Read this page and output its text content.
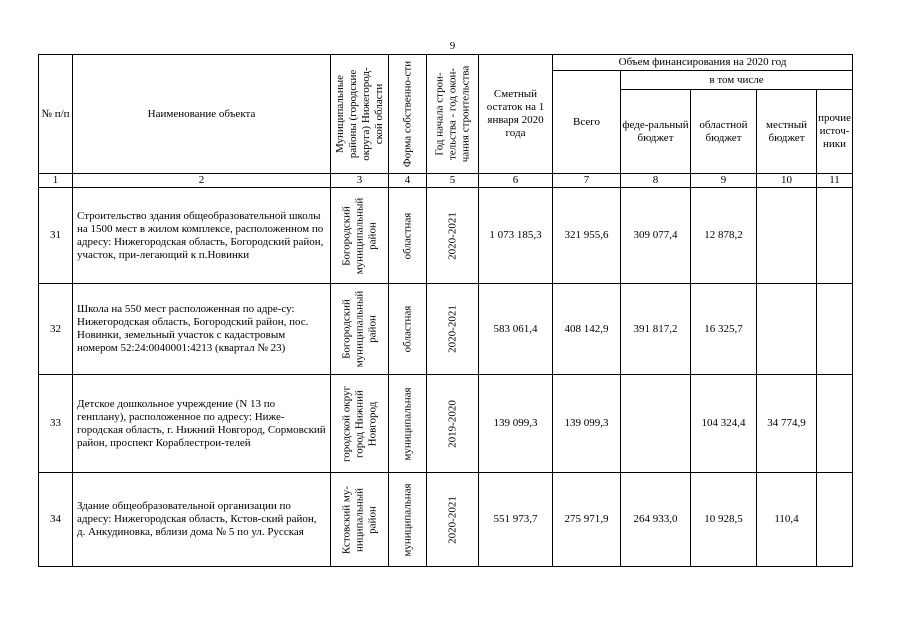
9
№ п/п	Наименование объекта	Муниципальные районы (городские округа) Нижегород-ской области	Форма собственно-сти	Год начала строи-тельства - год окон-чания строительства	Сметный остаток на 1 января 2020 года	Объем финансирования на 2020 год				
						Всего	в том числе			
							феде-ральный бюджет	областной бюджет	местный бюджет	прочие источ-ники
1	2	3	4	5	6	7	8	9	10	11
31	Строительство здания общеобразовательной школы на 1500 мест в жилом комплексе, расположенном по адресу: Нижегородская область, Богородский район, участок, при-легающий к п.Новинки	Богородский муниципальный район	областная	2020-2021	1 073 185,3	321 955,6	309 077,4	12 878,2		
32	Школа на 550 мест расположенная по адре-су: Нижегородская область, Богородский район, пос. Новинки, земельный участок с кадастровым номером 52:24:0040001:4213 (квартал № 23)	Богородский муниципальный район	областная	2020-2021	583 061,4	408 142,9	391 817,2	16 325,7		
33	Детское дошкольное учреждение (N 13 по генплану), расположенное по адресу: Ниже-городская область, г. Нижний Новгород, Сормовский район, проспект Кораблестрои-телей	городской округ город Нижний Новгород	муниципальная	2019-2020	139 099,3	139 099,3		104 324,4	34 774,9	
34	Здание общеобразовательной организации по адресу: Нижегородская область, Кстов-ский район, д. Анкудиновка, вблизи дома № 5 по ул. Русская	Кстовский му-ниципальный район	муниципальная	2020-2021	551 973,7	275 971,9	264 933,0	10 928,5	110,4	
